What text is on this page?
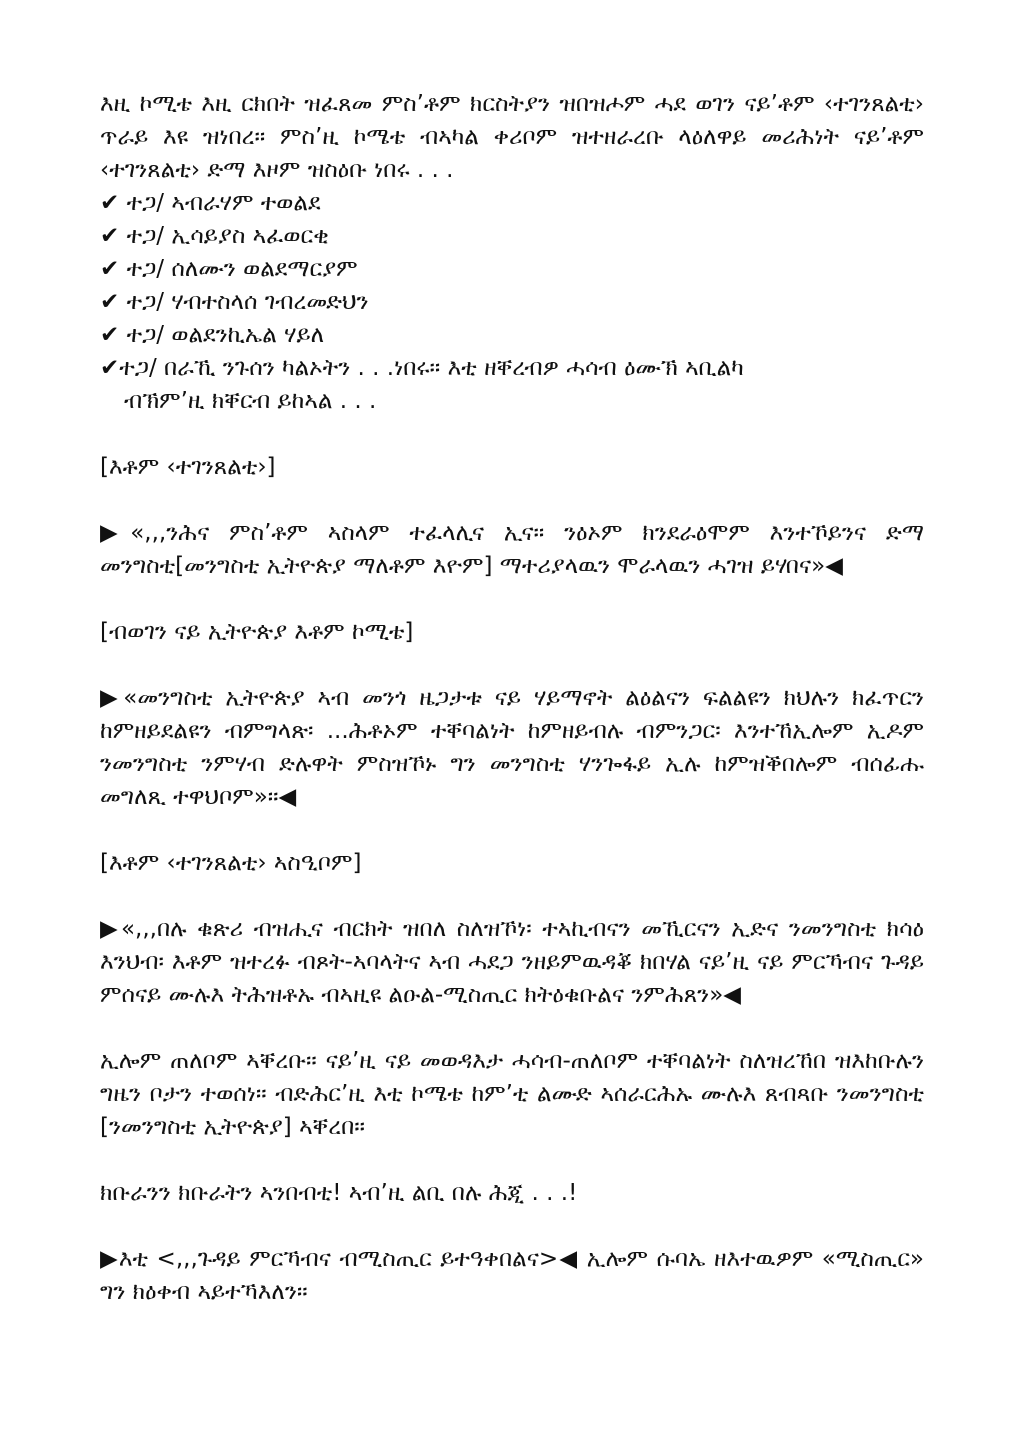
እዚ ኮሚቴ እዚ ርክበት ዝፈጸመ ምስ’ቶም ክርስትያን ዝበዝሖም ሓደ ወገን ናይ’ቶም ‹ተገንጸልቲ› ጥራይ እዩ ዝነበረ። ምስ’ዚ ኮሜቴ ብኣካል ቀሪቦም ዝተዘራረቡ ላዕለዋይ መሪሕነት ናይ’ቶም ‹ተገንጸልቲ› ድማ እዞም ዝስዕቡ ነበሩ . . .

✔ ተጋ/ ኣብራሃም ተወልደ
✔ ተጋ/ ኢሳይያስ ኣፈወርቂ
✔ ተጋ/ ሰለሙን ወልደማርያም
✔ ተጋ/ ሃብተስላሰ ገብረመድህን
✔ ተጋ/ ወልደንኪኤል ሃይለ
✔ተጋ/ በራኺ ንጉሰን ካልኦትን . . .ነበሩ። እቲ ዘቐረብዎ ሓሳብ ዕሙኽ ኣቢልካ
ብኽም’ዚ ክቐርብ ይከኣል . . .

[እቶም ‹ተገንጸልቲ›]

▶«,,,ንሕና ምስ’ቶም ኣስላም ተፈላሊና ኢና። ንዕኦም ክንደራዕሞም እንተኾይንና ድማ መንግስቲ[መንግስቲ ኢትዮጵያ ማለቶም እዮም] ማተሪያላዉን ሞራላዉን ሓገዝ ይሃበና»◀

[ብወገን ናይ ኢትዮጵያ እቶም ኮሚቴ]

▶«መንግስቲ ኢትዮጵያ ኣብ መንጎ ዜጋታቱ ናይ ሃይማኖት ልዕልናን ፍልልዩን ክህሉን ክፈጥርን ከምዘይደልዩን ብምግላጽ፡ ...ሕቶኦም ተቐባልነት ከምዘይብሉ ብምንጋር፡ እንተኸኢሎም ኢዶም ንመንግስቲ ንምሃብ ድሉዋት ምስዝኾኑ ግን መንግስቲ ሃንጐፋይ ኢሉ ከምዝቕበሎም ብሰፊሑ መግለጺ ተዋህቦም»።◀

[እቶም ‹ተገንጸልቲ› ኣስዒቦም]

▶«,,,በሉ ቁጽሪ ብዝሒና ብርክት ዝበለ ስለዝኾነ፡ ተኣኪብናን መኺርናን ኢድና ንመንግስቲ ክሳዕ እንህብ፡ እቶም ዝተረፉ ብጾት-ኣባላትና ኣብ ሓደጋ ንዘይምዉዳቖ ክበሃል ናይ’ዚ ናይ ምርኻብና ጉዳይ ምሰናይ ሙሉእ ትሕዝቶኡ ብኣዚዩ ልዑል-ሚስጢር ክትዕቁቡልና ንምሕጸን»◀

ኢሎም ጠለቦም ኣቐረቡ። ናይ’ዚ ናይ መወዳእታ ሓሳብ-ጠለቦም ተቐባልነት ስለዝረኸበ ዝእከቡሉን ግዜን ቦታን ተወሰነ። ብድሕር’ዚ እቲ ኮሜቴ ከም’ቲ ልሙድ ኣሰራርሕኡ ሙሉእ ጸብጻቡ ንመንግስቲ [ንመንግስቲ ኢትዮጵያ] ኣቐረበ።

ክቡራንን ክቡራትን ኣንበብቲ! ኣብ’ዚ ልቢ በሉ ሕጂ . . .!

▶እቲ <,,,ጉዳይ ምርኻብና ብሚስጢር ይተዓቀበልና>◀ ኢሎም ሱባኤ ዘእተዉዎም «ሚስጢር» ግን ክዕቀብ ኣይተኻእለን።
